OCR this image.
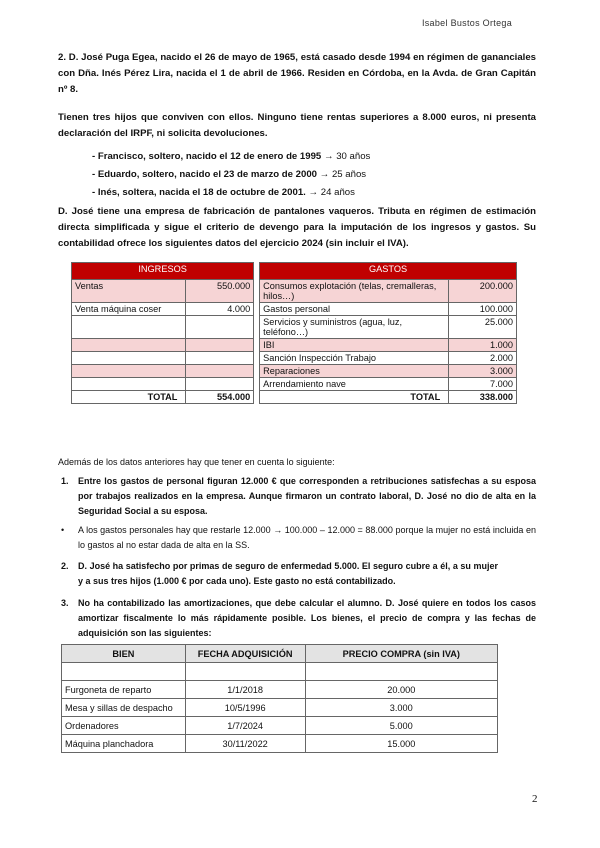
Isabel Bustos Ortega
2. D. José Puga Egea, nacido el 26 de mayo de 1965, está casado desde 1994 en régimen de gananciales con Dña. Inés Pérez Lira, nacida el 1 de abril de 1966. Residen en Córdoba, en la Avda. de Gran Capitán nº 8.
Tienen tres hijos que conviven con ellos. Ninguno tiene rentas superiores a 8.000 euros, ni presenta declaración del IRPF, ni solicita devoluciones.
- Francisco, soltero, nacido el 12 de enero de 1995 → 30 años
- Eduardo, soltero, nacido el 23 de marzo de 2000 → 25 años
- Inés, soltera, nacida el 18 de octubre de 2001. → 24 años
D. José tiene una empresa de fabricación de pantalones vaqueros. Tributa en régimen de estimación directa simplificada y sigue el criterio de devengo para la imputación de los ingresos y gastos. Su contabilidad ofrece los siguientes datos del ejercicio 2024 (sin incluir el IVA).
INGRESOS			GASTOS	
Ventas	550.000		Consumos explotación (telas, cremalleras, hilos…)	200.000
Venta máquina coser	4.000		Gastos personal	100.000
			Servicios y suministros (agua, luz, teléfono…)	25.000
			IBI	1.000
			Sanción Inspección Trabajo	2.000
			Reparaciones	3.000
			Arrendamiento nave	7.000
TOTAL	554.000		TOTAL	338.000
Además de los datos anteriores hay que tener en cuenta lo siguiente:
1. Entre los gastos de personal figuran 12.000 € que corresponden a retribuciones satisfechas a su esposa por trabajos realizados en la empresa. Aunque firmaron un contrato laboral, D. José no dio de alta en la Seguridad Social a su esposa.
• A los gastos personales hay que restarle 12.000 → 100.000 – 12.000 = 88.000 porque la mujer no está incluida en lo gastos al no estar dada de alta en la SS.
2. D. José ha satisfecho por primas de seguro de enfermedad 5.000. El seguro cubre a él, a su mujer y a sus tres hijos (1.000 € por cada uno). Este gasto no está contabilizado.
3. No ha contabilizado las amortizaciones, que debe calcular el alumno. D. José quiere en todos los casos amortizar fiscalmente lo más rápidamente posible. Los bienes, el precio de compra y las fechas de adquisición son las siguientes:
BIEN	FECHA ADQUISICIÓN	PRECIO COMPRA (sin IVA)

Furgoneta de reparto	1/1/2018	20.000
Mesa y sillas de despacho	10/5/1996	3.000
Ordenadores	1/7/2024	5.000
Máquina planchadora	30/11/2022	15.000
2
